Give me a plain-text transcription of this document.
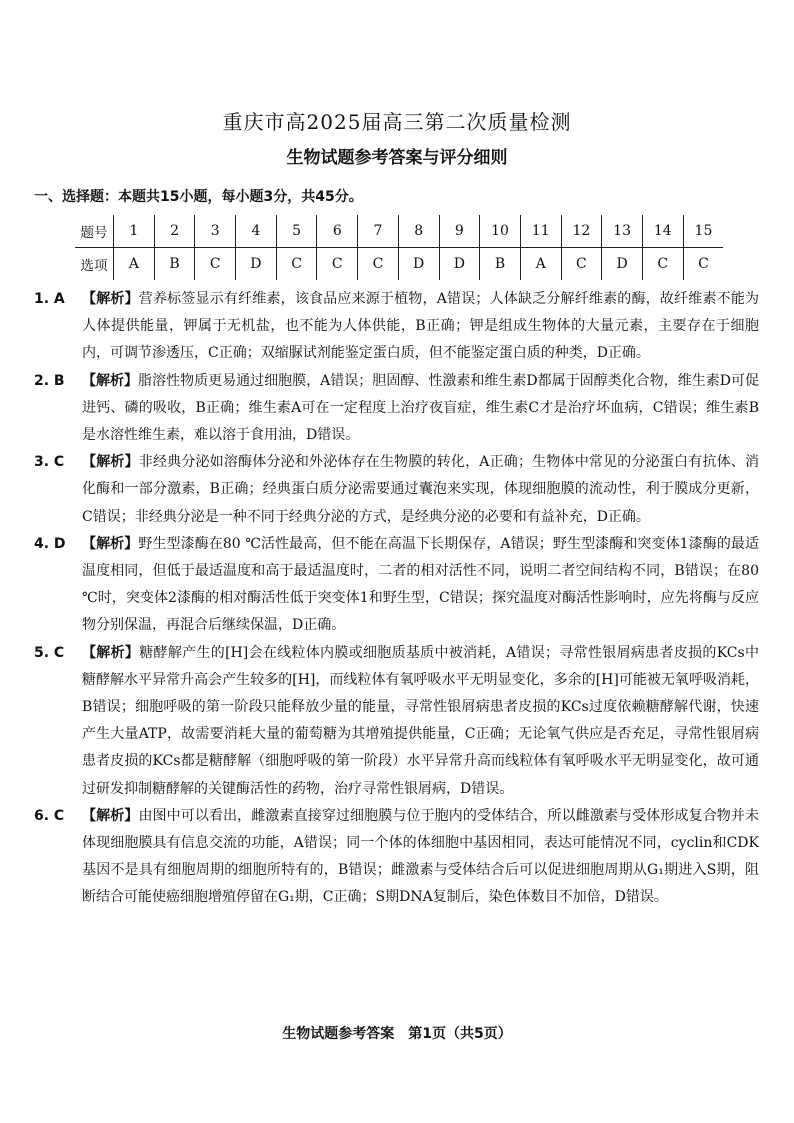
重庆市高2025届高三第二次质量检测
生物试题参考答案与评分细则
一、选择题：本题共15小题，每小题3分，共45分。
题号	1	2	3	4	5	6	7	8	9	10	11	12	13	14	15
选项	A	B	C	D	C	C	C	D	D	B	A	C	D	C	C
1. A	【解析】营养标签显示有纤维素，该食品应来源于植物，A错误；人体缺乏分解纤维素的酶，故纤维素不能为人体提供能量，钾属于无机盐，也不能为人体供能，B正确；钾是组成生物体的大量元素，主要存在于细胞内，可调节渗透压，C正确；双缩脲试剂能鉴定蛋白质，但不能鉴定蛋白质的种类，D正确。
2. B	【解析】脂溶性物质更易通过细胞膜，A错误；胆固醇、性激素和维生素D都属于固醇类化合物，维生素D可促进钙、磷的吸收，B正确；维生素A可在一定程度上治疗夜盲症，维生素C才是治疗坏血病，C错误；维生素B是水溶性维生素，难以溶于食用油，D错误。
3. C	【解析】非经典分泌如溶酶体分泌和外泌体存在生物膜的转化，A正确；生物体中常见的分泌蛋白有抗体、消化酶和一部分激素，B正确；经典蛋白质分泌需要通过囊泡来实现，体现细胞膜的流动性，利于膜成分更新，C错误；非经典分泌是一种不同于经典分泌的方式，是经典分泌的必要和有益补充，D正确。
4. D	【解析】野生型漆酶在80 ℃活性最高，但不能在高温下长期保存，A错误；野生型漆酶和突变体1漆酶的最适温度相同，但低于最适温度和高于最适温度时，二者的相对活性不同，说明二者空间结构不同，B错误；在80 ℃时，突变体2漆酶的相对酶活性低于突变体1和野生型，C错误；探究温度对酶活性影响时，应先将酶与反应物分别保温，再混合后继续保温，D正确。
5. C	【解析】糖酵解产生的[H]会在线粒体内膜或细胞质基质中被消耗，A错误；寻常性银屑病患者皮损的KCs中糖酵解水平异常升高会产生较多的[H]，而线粒体有氧呼吸水平无明显变化，多余的[H]可能被无氧呼吸消耗，B错误；细胞呼吸的第一阶段只能释放少量的能量，寻常性银屑病患者皮损的KCs过度依赖糖酵解代谢，快速产生大量ATP，故需要消耗大量的葡萄糖为其增殖提供能量，C正确；无论氧气供应是否充足，寻常性银屑病患者皮损的KCs都是糖酵解（细胞呼吸的第一阶段）水平异常升高而线粒体有氧呼吸水平无明显变化，故可通过研发抑制糖酵解的关键酶活性的药物，治疗寻常性银屑病，D错误。
6. C	【解析】由图中可以看出，雌激素直接穿过细胞膜与位于胞内的受体结合，所以雌激素与受体形成复合物并未体现细胞膜具有信息交流的功能，A错误；同一个体的体细胞中基因相同，表达可能情况不同，cyclin和CDK基因不是具有细胞周期的细胞所特有的，B错误；雌激素与受体结合后可以促进细胞周期从G₁期进入S期，阻断结合可能使癌细胞增殖停留在G₁期，C正确；S期DNA复制后，染色体数目不加倍，D错误。
生物试题参考答案　第1页（共5页）
